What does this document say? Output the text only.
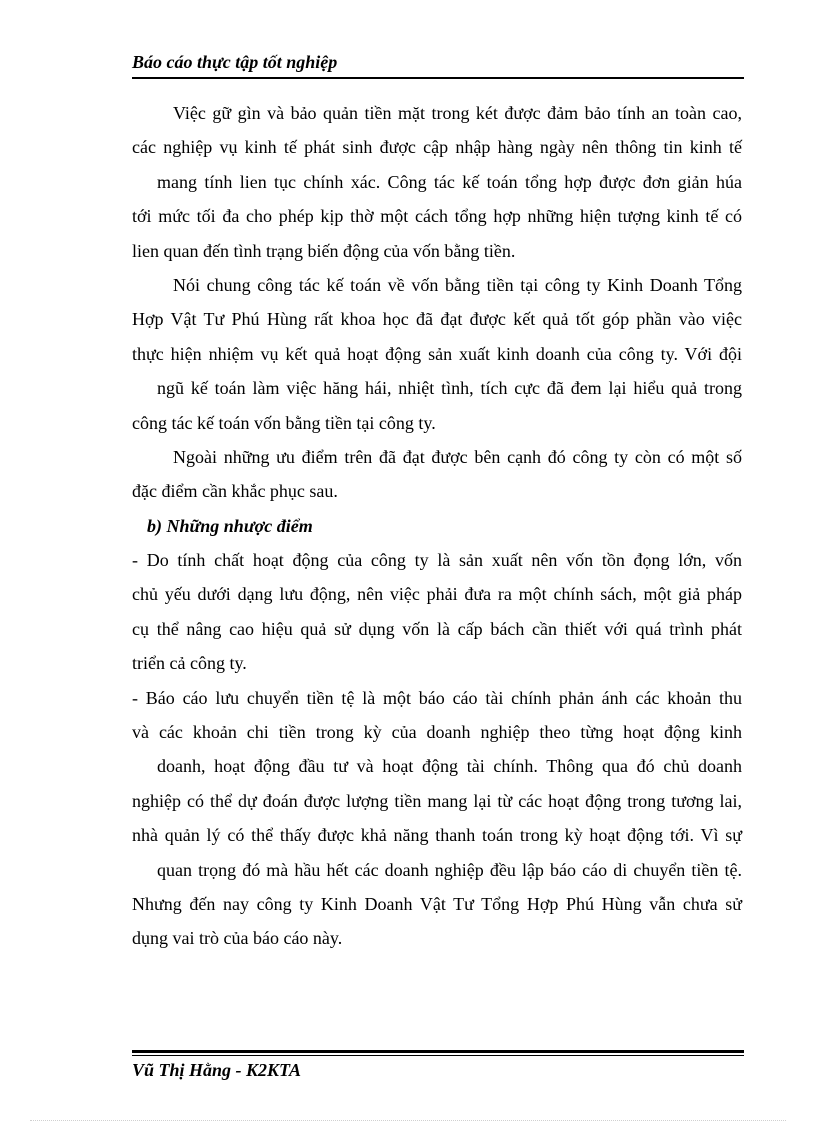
Báo cáo thực tập tốt nghiệp
Việc gữ gìn và bảo quản tiền mặt trong két được đảm bảo tính an toàn cao,
các nghiệp vụ kinh tế phát sinh được cập nhập hàng ngày nên thông tin kinh tế
mang tính lien tục chính xác. Công tác kế toán tổng hợp được đơn giản húa
tới mức tối đa cho phép kịp thờ một cách tổng hợp những hiện tượng kinh tế có
lien quan đến tình trạng biến động của vốn bằng tiền.
Nói chung công tác kế toán về vốn bằng tiền tại công ty Kinh Doanh Tổng
Hợp Vật Tư Phú Hùng rất khoa học đã đạt được kết quả tốt góp phần vào việc
thực hiện nhiệm vụ kết quả hoạt động sản xuất kinh doanh của công ty. Với đội
ngũ kế toán làm việc hăng hái, nhiệt tình, tích cực đã đem lại hiểu quả trong
công tác kế toán vốn bằng tiền tại công ty.
Ngoài những ưu điểm trên đã đạt được bên cạnh đó công ty còn có một số
đặc điểm cần khắc phục sau.
b) Những nhược điểm
- Do tính chất hoạt động của công ty là sản xuất nên vốn tồn đọng lớn, vốn
chủ yếu dưới dạng lưu động, nên việc phải đưa ra một chính sách, một giả pháp
cụ thể nâng cao hiệu quả sử dụng vốn là cấp bách cần thiết với quá trình phát
triển cả công ty.
- Báo cáo lưu chuyển tiền tệ là một báo cáo tài chính phản ánh các khoản thu
và các khoản chi tiền trong kỳ của doanh nghiệp theo từng hoạt động kinh
doanh, hoạt động đầu tư và hoạt động tài chính. Thông qua đó chủ doanh
nghiệp có thể dự đoán được lượng tiền mang lại từ các hoạt động trong tương lai,
nhà quản lý có thể thấy được khả năng thanh toán trong kỳ hoạt động tới. Vì sự
quan trọng đó mà hầu hết các doanh nghiệp đều lập báo cáo di chuyển tiền tệ.
Nhưng đến nay công ty Kinh Doanh Vật Tư Tổng Hợp Phú Hùng vẫn chưa sử
dụng vai trò của báo cáo này.
Vũ Thị Hằng - K2KTA
